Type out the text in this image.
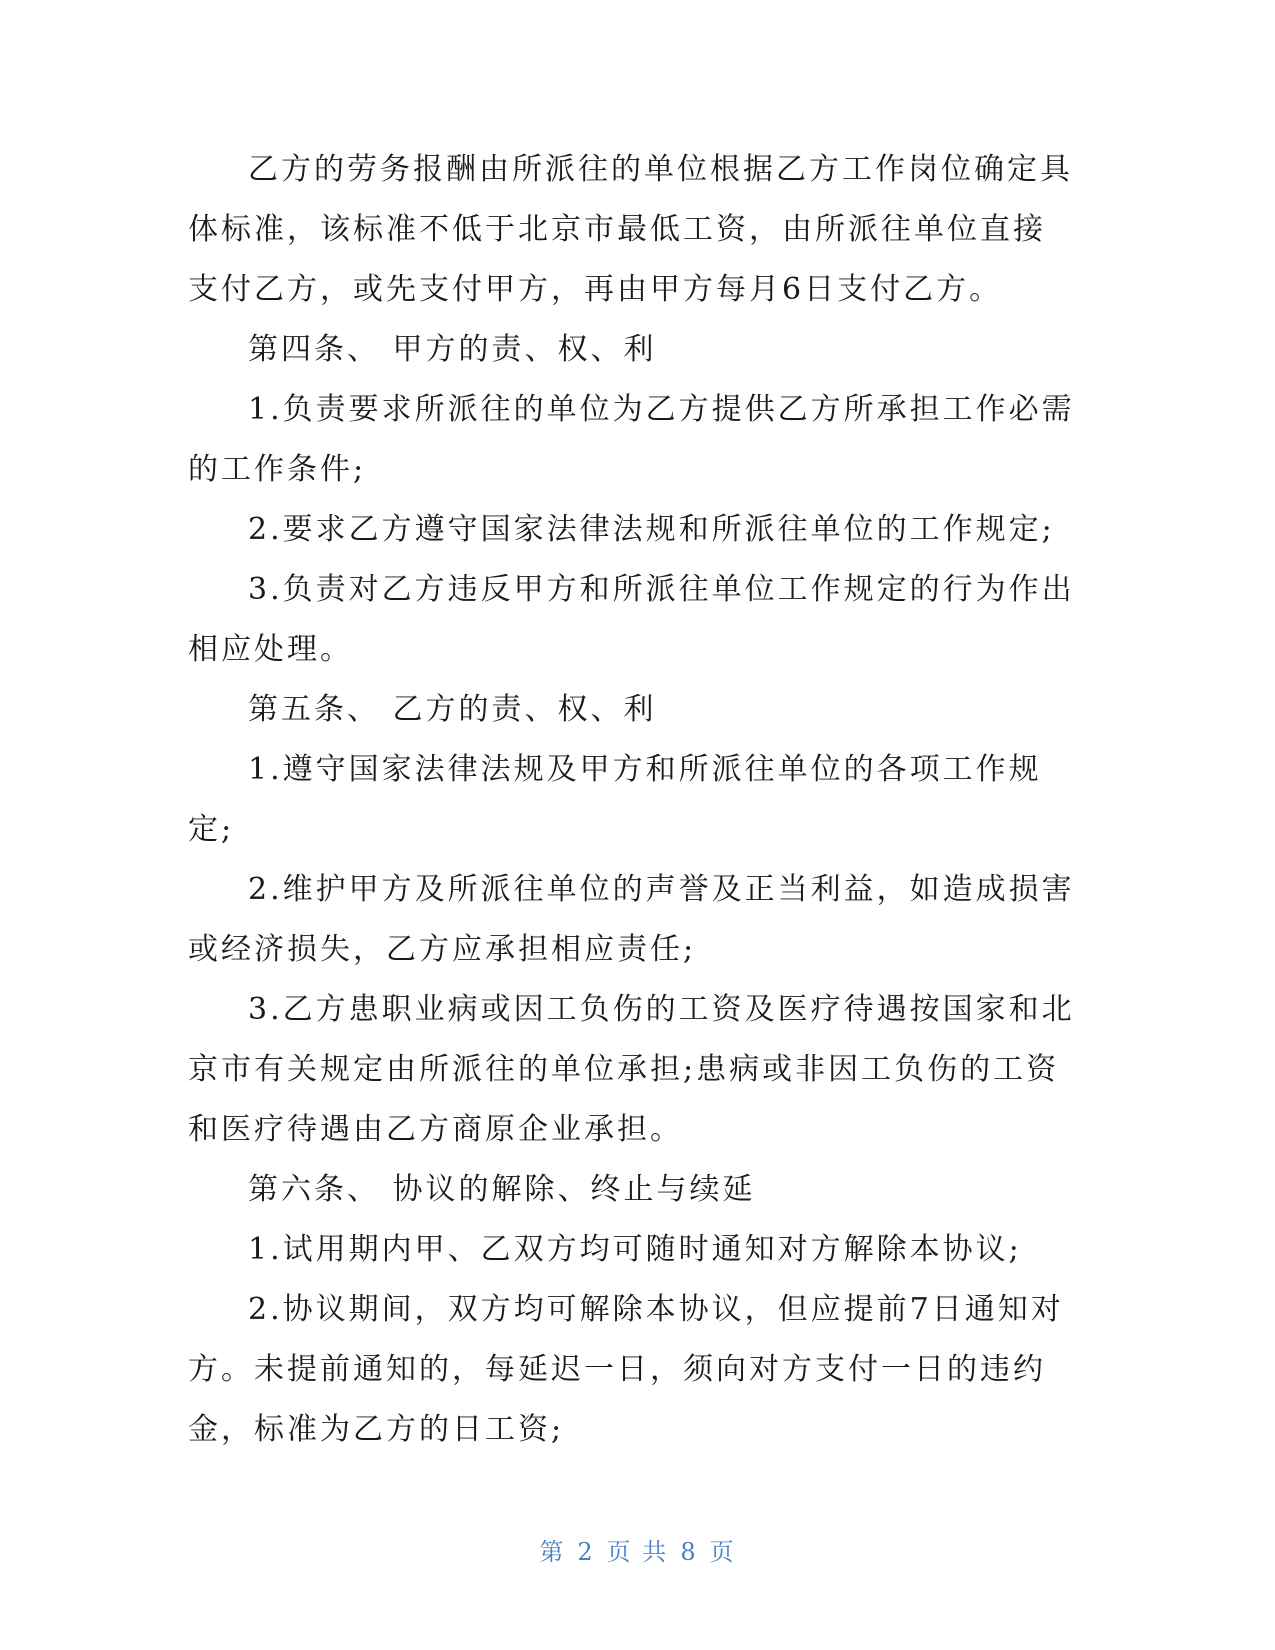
乙方的劳务报酬由所派往的单位根据乙方工作岗位确定具体标准，该标准不低于北京市最低工资，由所派往单位直接支付乙方，或先支付甲方，再由甲方每月6日支付乙方。

第四条、 甲方的责、权、利

1.负责要求所派往的单位为乙方提供乙方所承担工作必需的工作条件;

2.要求乙方遵守国家法律法规和所派往单位的工作规定;

3.负责对乙方违反甲方和所派往单位工作规定的行为作出相应处理。

第五条、 乙方的责、权、利

1.遵守国家法律法规及甲方和所派往单位的各项工作规定;

2.维护甲方及所派往单位的声誉及正当利益，如造成损害或经济损失，乙方应承担相应责任;

3.乙方患职业病或因工负伤的工资及医疗待遇按国家和北京市有关规定由所派往的单位承担;患病或非因工负伤的工资和医疗待遇由乙方商原企业承担。

第六条、 协议的解除、终止与续延

1.试用期内甲、乙双方均可随时通知对方解除本协议;

2.协议期间，双方均可解除本协议，但应提前7日通知对方。未提前通知的，每延迟一日，须向对方支付一日的违约金，标准为乙方的日工资;

第 2 页 共 8 页
